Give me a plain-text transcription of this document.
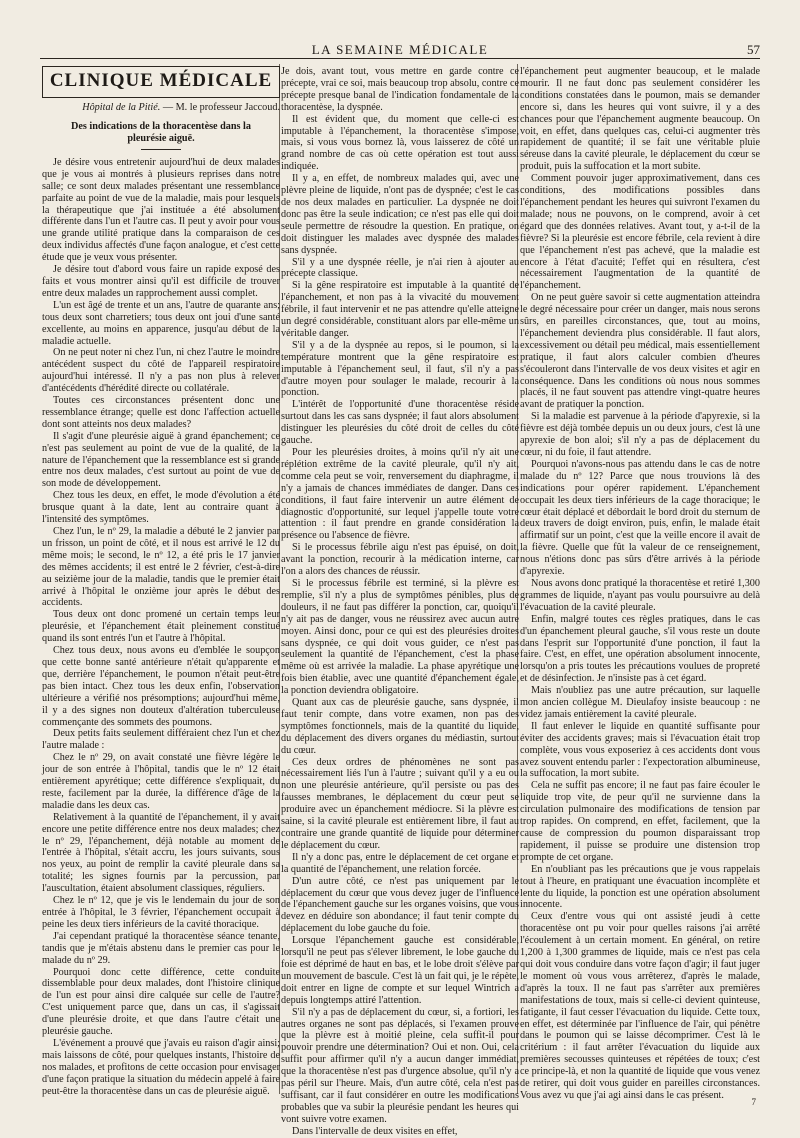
LA SEMAINE MÉDICALE	57
CLINIQUE MÉDICALE
Hôpital de la Pitié. — M. le professeur Jaccoud.
Des indications de la thoracentèse dans la pleurésie aiguë.

Je désire vous entretenir aujourd'hui de deux malades que je vous ai montrés à plusieurs reprises dans notre salle; ce sont deux malades présentant une ressemblance parfaite au point de vue de la maladie, mais pour lesquels la thérapeutique que j'ai instituée a été absolument différente dans l'un et l'autre cas. Il peut y avoir pour vous une grande utilité pratique dans la comparaison de ces deux individus affectés d'une façon analogue, et c'est cette étude que je veux vous présenter.

Je désire tout d'abord vous faire un rapide exposé des faits et vous montrer ainsi qu'il est difficile de trouver entre deux malades un rapprochement aussi complet.

L'un est âgé de trente et un ans, l'autre de quarante ans; tous deux sont charretiers; tous deux ont joui d'une santé excellente, au moins en apparence, jusqu'au début de la maladie actuelle.

On ne peut noter ni chez l'un, ni chez l'autre le moindre antécédent suspect du côté de l'appareil respiratoire aujourd'hui intéressé. Il n'y a pas non plus à relever d'antécédents d'hérédité directe ou collatérale.

Toutes ces circonstances présentent donc une ressemblance étrange; quelle est donc l'affection actuelle dont sont atteints nos deux malades?

Il s'agit d'une pleurésie aiguë à grand épanchement; ce n'est pas seulement au point de vue de la qualité, de la nature de l'épanchement que la ressemblance est si grande entre nos deux malades, c'est surtout au point de vue de son mode de développement.

Chez tous les deux, en effet, le mode d'évolution a été brusque quant à la date, lent au contraire quant à l'intensité des symptômes.

Chez l'un, le nº 29, la maladie a débuté le 2 janvier par un frisson, un point de côté, et il nous est arrivé le 12 du même mois; le second, le nº 12, a été pris le 17 janvier des mêmes accidents; il est entré le 2 février, c'est-à-dire au seizième jour de la maladie, tandis que le premier était arrivé à l'hôpital le onzième jour après le début des accidents.

Tous deux ont donc promené un certain temps leur pleurésie, et l'épanchement était pleinement constitué quand ils sont entrés l'un et l'autre à l'hôpital.

Chez tous deux, nous avons eu d'emblée le soupçon que cette bonne santé antérieure n'était qu'apparente et que, derrière l'épanchement, le poumon n'était peut-être pas bien intact. Chez tous les deux enfin, l'observation ultérieure a vérifié nos présomptions; aujourd'hui même, il y a des signes non douteux d'altération tuberculeuse commençante des sommets des poumons.

Deux petits faits seulement différaient chez l'un et chez l'autre malade :

Chez le nº 29, on avait constaté une fièvre légère le jour de son entrée à l'hôpital, tandis que le nº 12 était entièrement apyrétique; cette différence s'expliquait, du reste, facilement par la durée, la différence d'âge de la maladie dans les deux cas.

Relativement à la quantité de l'épanchement, il y avait encore une petite différence entre nos deux malades; chez le nº 29, l'épanchement, déjà notable au moment de l'entrée à l'hôpital, s'était accru, les jours suivants, sous nos yeux, au point de remplir la cavité pleurale dans sa totalité; les signes fournis par la percussion, par l'auscultation, étaient absolument classiques, réguliers.

Chez le nº 12, que je vis le lendemain du jour de son entrée à l'hôpital, le 3 février, l'épanchement occupait à peine les deux tiers inférieurs de la cavité thoracique.

J'ai cependant pratiqué la thoracentèse séance tenante, tandis que je m'étais abstenu dans le premier cas pour le malade du nº 29.

Pourquoi donc cette différence, cette conduite dissemblable pour deux malades, dont l'histoire clinique de l'un est pour ainsi dire calquée sur celle de l'autre? C'est uniquement parce que, dans un cas, il s'agissait d'une pleurésie droite, et que dans l'autre c'était une pleurésie gauche.

L'événement a prouvé que j'avais eu raison d'agir ainsi; mais laissons de côté, pour quelques instants, l'histoire de nos malades, et profitons de cette occasion pour envisager d'une façon pratique la situation du médecin appelé à faire peut-être la thoracentèse dans un cas de pleurésie aiguë.

Je dois, avant tout, vous mettre en garde contre ce précepte, vrai ce soi, mais beaucoup trop absolu, contre ce précepte presque banal de l'indication fondamentale de la thoracentèse, la dyspnée.

Il est évident que, du moment que celle-ci est imputable à l'épanchement, la thoracentèse s'impose, mais, si vous vous bornez là, vous laisserez de côté un grand nombre de cas où cette opération est tout aussi indiquée.

Il y a, en effet, de nombreux malades qui, avec une plèvre pleine de liquide, n'ont pas de dyspnée; c'est le cas de nos deux malades en particulier. La dyspnée ne doit donc pas être la seule indication; ce n'est pas elle qui doit seule permettre de résoudre la question. En pratique, on doit distinguer les malades avec dyspnée des malades sans dyspnée.

S'il y a une dyspnée réelle, je n'ai rien à ajouter au précepte classique.

Si la gêne respiratoire est imputable à la quantité de l'épanchement, et non pas à la vivacité du mouvement fébrile, il faut intervenir et ne pas attendre qu'elle atteigne un degré considérable, constituant alors par elle-même un véritable danger.

S'il y a de la dyspnée au repos, si le poumon, si la température montrent que la gêne respiratoire est imputable à l'épanchement seul, il faut, s'il n'y a pas d'autre moyen pour soulager le malade, recourir à la ponction.

L'intérêt de l'opportunité d'une thoracentèse réside surtout dans les cas sans dyspnée; il faut alors absolument distinguer les pleurésies du côté droit de celles du côté gauche.

Pour les pleurésies droites, à moins qu'il n'y ait une réplétion extrême de la cavité pleurale, qu'il n'y ait, comme cela peut se voir, renversement du diaphragme, il n'y a jamais de chances immédiates de danger. Dans ces conditions, il faut faire intervenir un autre élément de diagnostic d'opportunité, sur lequel j'appelle toute votre attention : il faut prendre en grande considération la présence ou l'absence de fièvre.

Si le processus fébrile aigu n'est pas épuisé, on doit, avant la ponction, recourir à la médication interne, car l'on a alors des chances de réussir.

Si le processus fébrile est terminé, si la plèvre est remplie, s'il n'y a plus de symptômes pénibles, plus de douleurs, il ne faut pas différer la ponction, car, quoiqu'il n'y ait pas de danger, vous ne réussirez avec aucun autre moyen. Ainsi donc, pour ce qui est des pleurésies droites sans dyspnée, ce qui doit vous guider, ce n'est pas seulement la quantité de l'épanchement, c'est la phase même où est arrivée la maladie. La phase apyrétique une fois bien établie, avec une quantité d'épanchement égale, la ponction deviendra obligatoire.

Quant aux cas de pleurésie gauche, sans dyspnée, il faut tenir compte, dans votre examen, non pas des symptômes fonctionnels, mais de la quantité du liquide, du déplacement des divers organes du médiastin, surtout du cœur.

Ces deux ordres de phénomènes ne sont pas nécessairement liés l'un à l'autre ; suivant qu'il y a eu ou non une pleurésie antérieure, qu'il persiste ou pas des fausses membranes, le déplacement du cœur peut se produire avec un épanchement médiocre. Si la plèvre est saine, si la cavité pleurale est entièrement libre, il faut au contraire une grande quantité de liquide pour déterminer le déplacement du cœur.

Il n'y a donc pas, entre le déplacement de cet organe et la quantité de l'épanchement, une relation forcée.

D'un autre côté, ce n'est pas uniquement par le déplacement du cœur que vous devez juger de l'influence de l'épanchement gauche sur les organes voisins, que vous devez en déduire son abondance; il faut tenir compte du déplacement du lobe gauche du foie.

Lorsque l'épanchement gauche est considérable, lorsqu'il ne peut pas s'élever librement, le lobe gauche du foie est déprimé de haut en bas, et le lobe droit s'élève par un mouvement de bascule. C'est là un fait qui, je le répète, doit entrer en ligne de compte et sur lequel Wintrich a depuis longtemps attiré l'attention.

S'il n'y a pas de déplacement du cœur, si, a fortiori, les autres organes ne sont pas déplacés, si l'examen prouve que la plèvre est à moitié pleine, cela suffit-il pour pouvoir prendre une détermination? Oui et non. Oui, cela suffit pour affirmer qu'il n'y a aucun danger immédiat, que la thoracentèse n'est pas d'urgence absolue, qu'il n'y a pas péril sur l'heure. Mais, d'un autre côté, cela n'est pas suffisant, car il faut considérer en outre les modifications probables que va subir la pleurésie pendant les heures qui vont suivre votre examen.

Dans l'intervalle de deux visites en effet,

l'épanchement peut augmenter beaucoup, et le malade mourir. Il ne faut donc pas seulement considérer les conditions constatées dans le poumon, mais se demander encore si, dans les heures qui vont suivre, il y a des chances pour que l'épanchement augmente beaucoup. On voit, en effet, dans quelques cas, celui-ci augmenter très rapidement de quantité; il se fait une véritable pluie séreuse dans la cavité pleurale, le déplacement du cœur se produit, puis la suffocation et la mort subite.

Comment pouvoir juger approximativement, dans ces conditions, des modifications possibles dans l'épanchement pendant les heures qui suivront l'examen du malade; nous ne pouvons, on le comprend, avoir à cet égard que des données relatives. Avant tout, y a-t-il de la fièvre? Si la pleurésie est encore fébrile, cela revient à dire que l'épanchement n'est pas achevé, que la maladie est encore à l'état d'acuité; l'effet qui en résultera, c'est nécessairement l'augmentation de la quantité de l'épanchement.

On ne peut guère savoir si cette augmentation atteindra le degré nécessaire pour créer un danger, mais nous serons sûrs, en pareilles circonstances, que, tout au moins, l'épanchement deviendra plus considérable. Il faut alors, excessivement ou détail peu médical, mais essentiellement pratique, il faut alors calculer combien d'heures s'écouleront dans l'intervalle de vos deux visites et agir en conséquence. Dans les conditions où nous nous sommes placés, il ne faut souvent pas attendre vingt-quatre heures avant de pratiquer la ponction.

Si la maladie est parvenue à la période d'apyrexie, si la fièvre est déjà tombée depuis un ou deux jours, c'est là une apyrexie de bon aloi; s'il n'y a pas de déplacement du cœur, ni du foie, il faut attendre.

Pourquoi n'avons-nous pas attendu dans le cas de notre malade du nº 12? Parce que nous trouvions là des indications pour opérer rapidement. L'épanchement occupait les deux tiers inférieurs de la cage thoracique; le cœur était déplacé et débordait le bord droit du sternum de deux travers de doigt environ, puis, enfin, le malade était affirmatif sur un point, c'est que la veille encore il avait de la fièvre. Quelle que fût la valeur de ce renseignement, nous n'étions donc pas sûrs d'être arrivés à la période d'apyrexie.

Nous avons donc pratiqué la thoracentèse et retiré 1,300 grammes de liquide, n'ayant pas voulu poursuivre au delà l'évacuation de la cavité pleurale.

Enfin, malgré toutes ces règles pratiques, dans le cas d'un épanchement pleural gauche, s'il vous reste un doute dans l'esprit sur l'opportunité d'une ponction, il faut la faire. C'est, en effet, une opération absolument innocente, lorsqu'on a pris toutes les précautions voulues de propreté et de désinfection. Je n'insiste pas à cet égard.

Mais n'oubliez pas une autre précaution, sur laquelle mon ancien collègue M. Dieulafoy insiste beaucoup : ne videz jamais entièrement la cavité pleurale.

Il faut enlever le liquide en quantité suffisante pour éviter des accidents graves; mais si l'évacuation était trop complète, vous vous exposeriez à ces accidents dont vous avez souvent entendu parler : l'expectoration albumineuse, la suffocation, la mort subite.

Cela ne suffit pas encore; il ne faut pas faire écouler le liquide trop vite, de peur qu'il ne survienne dans la circulation pulmonaire des modifications de tension par trop rapides. On comprend, en effet, facilement, que la cause de compression du poumon disparaissant trop rapidement, il puisse se produire une distension trop prompte de cet organe.

En n'oubliant pas les précautions que je vous rappelais tout à l'heure, en pratiquant une évacuation incomplète et lente du liquide, la ponction est une opération absolument innocente.

Ceux d'entre vous qui ont assisté jeudi à cette thoracentèse ont pu voir pour quelles raisons j'ai arrêté l'écoulement à un certain moment. En général, on retire 1,200 à 1,300 grammes de liquide, mais ce n'est pas cela qui doit vous conduire dans votre façon d'agir; il faut juger le moment où vous vous arrêterez, d'après le malade, d'après la toux. Il ne faut pas s'arrêter aux premières manifestations de toux, mais si celle-ci devient quinteuse, fatigante, il faut cesser l'évacuation du liquide. Cette toux, en effet, est déterminée par l'influence de l'air, qui pénètre dans le poumon qui se laisse décomprimer. C'est là le critérium : il faut arrêter l'évacuation du liquide aux premières secousses quinteuses et répétées de toux; c'est ce principe-là, et non la quantité de liquide que vous venez de retirer, qui doit vous guider en pareilles circonstances. Vous avez vu que j'ai agi ainsi dans le cas présent.

7
